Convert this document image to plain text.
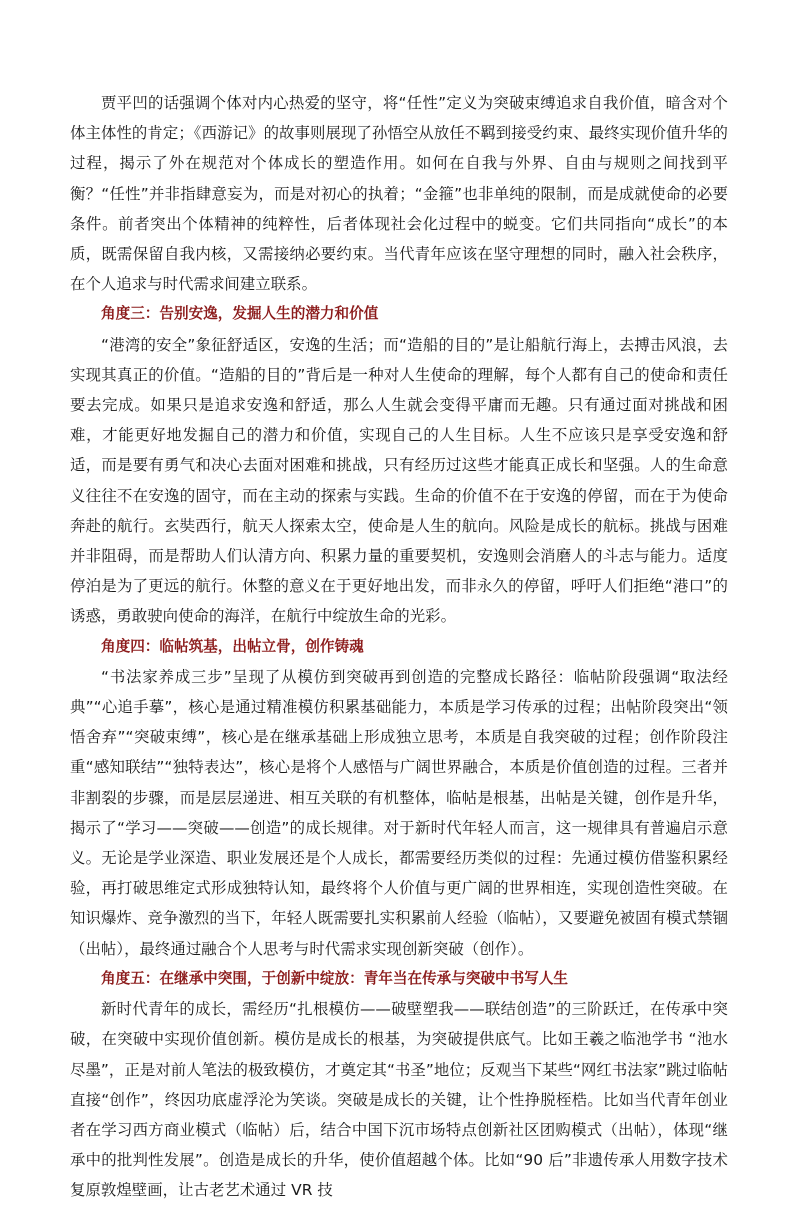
贾平凹的话强调个体对内心热爱的坚守，将“任性”定义为突破束缚追求自我价值，暗含对个体主体性的肯定；《西游记》的故事则展现了孙悟空从放任不羁到接受约束、最终实现价值升华的过程，揭示了外在规范对个体成长的塑造作用。如何在自我与外界、自由与规则之间找到平衡？“任性”并非指肆意妄为，而是对初心的执着；“金箍”也非单纯的限制，而是成就使命的必要条件。前者突出个体精神的纯粹性，后者体现社会化过程中的蜕变。它们共同指向“成长”的本质，既需保留自我内核，又需接纳必要约束。当代青年应该在坚守理想的同时，融入社会秩序，在个人追求与时代需求间建立联系。

角度三：告别安逸，发掘人生的潜力和价值

“港湾的安全”象征舒适区，安逸的生活；而“造船的目的”是让船航行海上，去搏击风浪，去实现其真正的价值。“造船的目的”背后是一种对人生使命的理解，每个人都有自己的使命和责任要去完成。如果只是追求安逸和舒适，那么人生就会变得平庸而无趣。只有通过面对挑战和困难，才能更好地发掘自己的潜力和价值，实现自己的人生目标。人生不应该只是享受安逸和舒适，而是要有勇气和决心去面对困难和挑战，只有经历过这些才能真正成长和坚强。人的生命意义往往不在安逸的固守，而在主动的探索与实践。生命的价值不在于安逸的停留，而在于为使命奔赴的航行。玄奘西行，航天人探索太空，使命是人生的航向。风险是成长的航标。挑战与困难并非阻碍，而是帮助人们认清方向、积累力量的重要契机，安逸则会消磨人的斗志与能力。适度停泊是为了更远的航行。休整的意义在于更好地出发，而非永久的停留，呼吁人们拒绝“港口”的诱惑，勇敢驶向使命的海洋，在航行中绽放生命的光彩。

角度四：临帖筑基，出帖立骨，创作铸魂

“书法家养成三步”呈现了从模仿到突破再到创造的完整成长路径：临帖阶段强调“取法经典”“心追手摹”，核心是通过精准模仿积累基础能力，本质是学习传承的过程；出帖阶段突出“领悟舍弃”“突破束缚”，核心是在继承基础上形成独立思考，本质是自我突破的过程；创作阶段注重“感知联结”“独特表达”，核心是将个人感悟与广阔世界融合，本质是价值创造的过程。三者并非割裂的步骤，而是层层递进、相互关联的有机整体，临帖是根基，出帖是关键，创作是升华，揭示了“学习——突破——创造”的成长规律。对于新时代年轻人而言，这一规律具有普遍启示意义。无论是学业深造、职业发展还是个人成长，都需要经历类似的过程：先通过模仿借鉴积累经验，再打破思维定式形成独特认知，最终将个人价值与更广阔的世界相连，实现创造性突破。在知识爆炸、竞争激烈的当下，年轻人既需要扎实积累前人经验（临帖），又要避免被固有模式禁锢（出帖），最终通过融合个人思考与时代需求实现创新突破（创作）。

角度五：在继承中突围，于创新中绽放：青年当在传承与突破中书写人生

新时代青年的成长，需经历“扎根模仿——破壁塑我——联结创造”的三阶跃迁，在传承中突破，在突破中实现价值创新。模仿是成长的根基，为突破提供底气。比如王羲之临池学书 “池水尽墨”，正是对前人笔法的极致模仿，才奠定其“书圣”地位；反观当下某些“网红书法家”跳过临帖直接“创作”，终因功底虚浮沦为笑谈。突破是成长的关键，让个性挣脱桎梏。比如当代青年创业者在学习西方商业模式（临帖）后，结合中国下沉市场特点创新社区团购模式（出帖），体现“继承中的批判性发展”。创造是成长的升华，使价值超越个体。比如“90 后”非遗传承人用数字技术复原敦煌壁画，让古老艺术通过 VR 技
